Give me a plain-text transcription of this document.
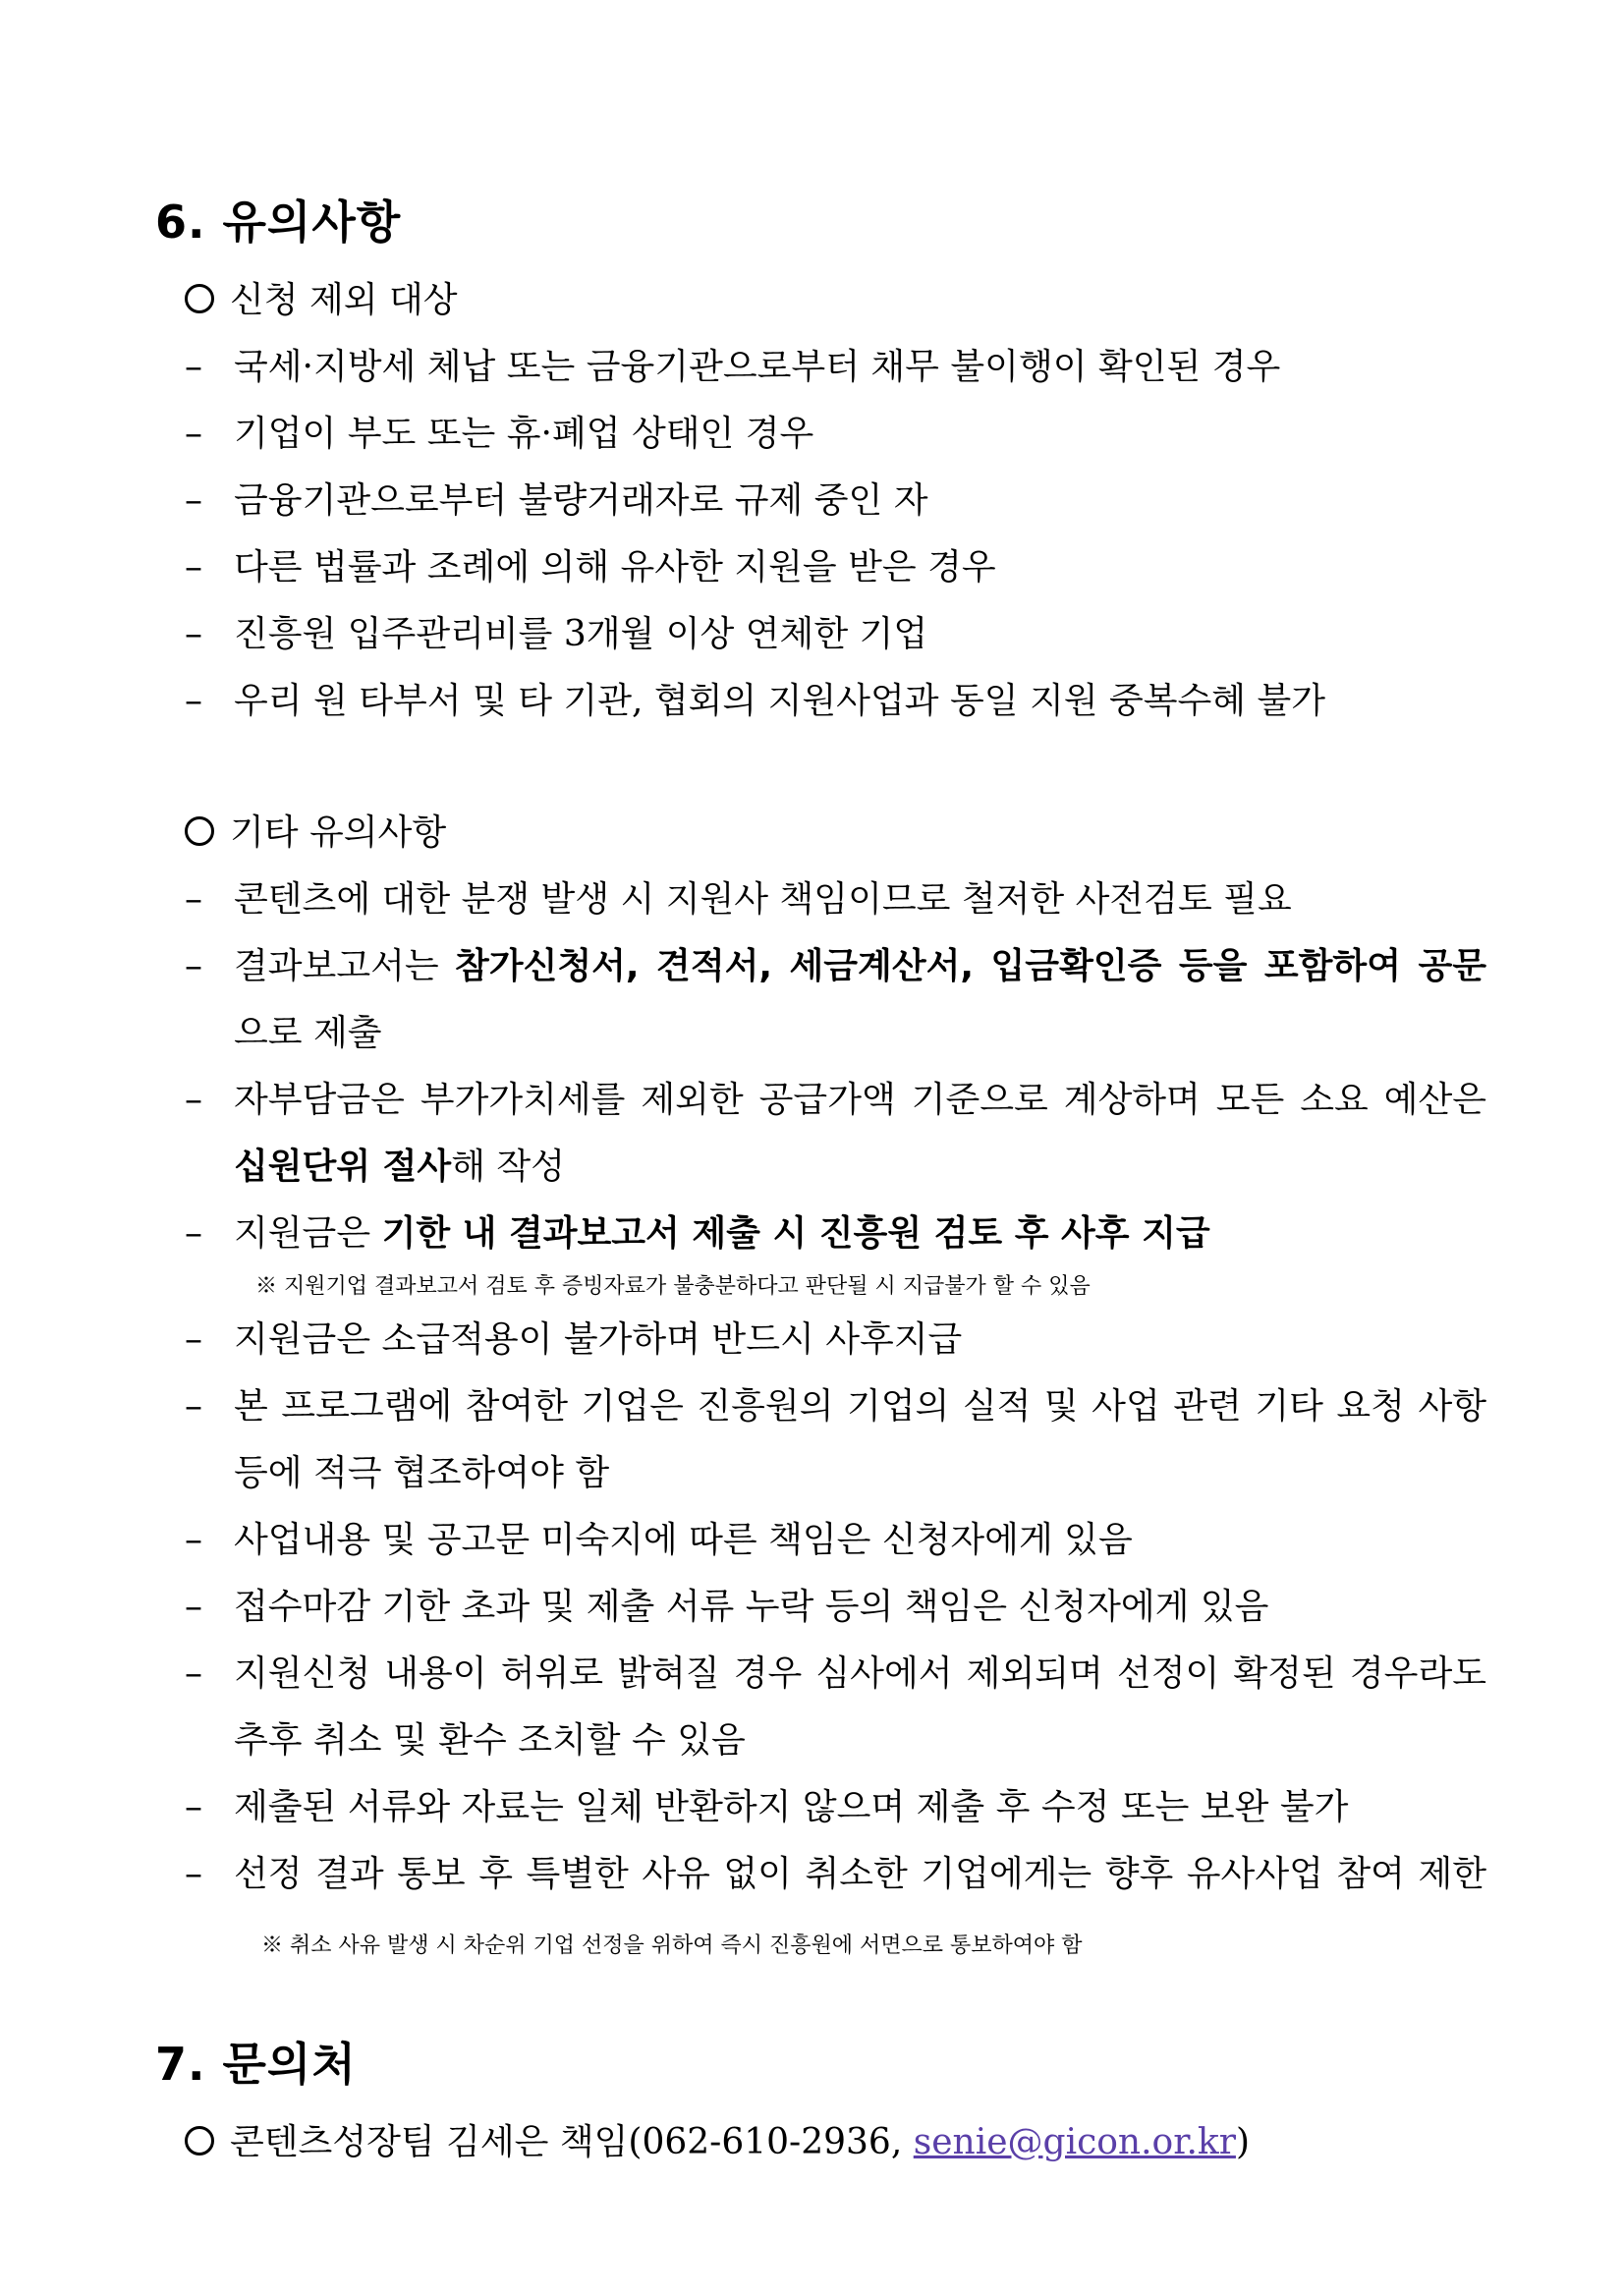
6. 유의사항
신청 제외 대상
– 국세·지방세 체납 또는 금융기관으로부터 채무 불이행이 확인된 경우
– 기업이 부도 또는 휴·폐업 상태인 경우
– 금융기관으로부터 불량거래자로 규제 중인 자
– 다른 법률과 조례에 의해 유사한 지원을 받은 경우
– 진흥원 입주관리비를 3개월 이상 연체한 기업
– 우리 원 타부서 및 타 기관, 협회의 지원사업과 동일 지원 중복수혜 불가
기타 유의사항
– 콘텐츠에 대한 분쟁 발생 시 지원사 책임이므로 철저한 사전검토 필요
– 결과보고서는 참가신청서, 견적서, 세금계산서, 입금확인증 등을 포함하여 공문으로 제출
– 자부담금은 부가가치세를 제외한 공급가액 기준으로 계상하며 모든 소요 예산은 십원단위 절사해 작성
– 지원금은 기한 내 결과보고서 제출 시 진흥원 검토 후 사후 지급
※ 지원기업 결과보고서 검토 후 증빙자료가 불충분하다고 판단될 시 지급불가 할 수 있음
– 지원금은 소급적용이 불가하며 반드시 사후지급
– 본 프로그램에 참여한 기업은 진흥원의 기업의 실적 및 사업 관련 기타 요청 사항 등에 적극 협조하여야 함
– 사업내용 및 공고문 미숙지에 따른 책임은 신청자에게 있음
– 접수마감 기한 초과 및 제출 서류 누락 등의 책임은 신청자에게 있음
– 지원신청 내용이 허위로 밝혀질 경우 심사에서 제외되며 선정이 확정된 경우라도 추후 취소 및 환수 조치할 수 있음
– 제출된 서류와 자료는 일체 반환하지 않으며 제출 후 수정 또는 보완 불가
– 선정 결과 통보 후 특별한 사유 없이 취소한 기업에게는 향후 유사사업 참여 제한※ 취소 사유 발생 시 차순위 기업 선정을 위하여 즉시 진흥원에 서면으로 통보하여야 함
7. 문의처
콘텐츠성장팀 김세은 책임(062-610-2936, senie@gicon.or.kr)
